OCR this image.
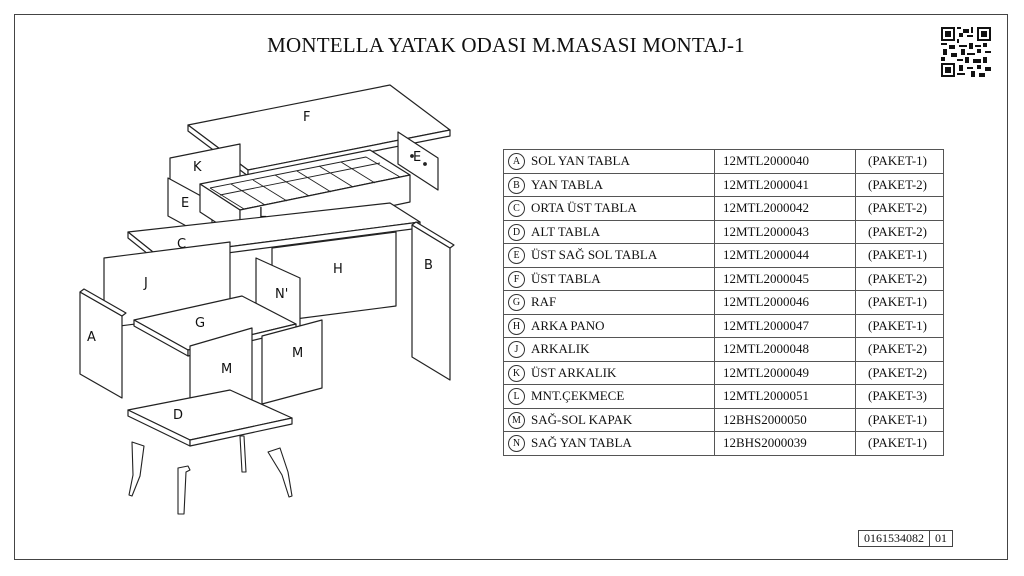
MONTELLA YATAK ODASI M.MASASI MONTAJ-1
F
K
E
E
L
C
B
J
H
N'
A
G
M
M
D
A SOL YAN TABLA	12MTL2000040	(PAKET-1)
B YAN TABLA	12MTL2000041	(PAKET-2)
C ORTA ÜST TABLA	12MTL2000042	(PAKET-2)
D ALT TABLA	12MTL2000043	(PAKET-2)
E ÜST SAĞ SOL TABLA	12MTL2000044	(PAKET-1)
F ÜST TABLA	12MTL2000045	(PAKET-2)
G RAF	12MTL2000046	(PAKET-1)
H ARKA PANO	12MTL2000047	(PAKET-1)
J ARKALIK	12MTL2000048	(PAKET-2)
K ÜST ARKALIK	12MTL2000049	(PAKET-2)
L MNT.ÇEKMECE	12MTL2000051	(PAKET-3)
M SAĞ-SOL KAPAK	12BHS2000050	(PAKET-1)
N SAĞ YAN TABLA	12BHS2000039	(PAKET-1)
0161534082	01
